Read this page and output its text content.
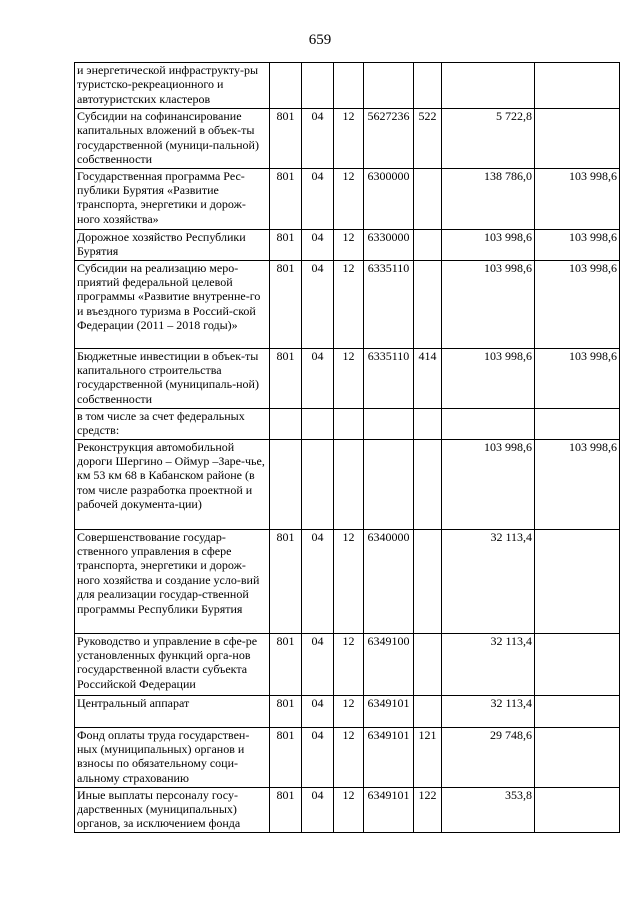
659
и энергетической инфраструкту-ры туристско-рекреационного и автотуристских кластеров							
Субсидии на софинансирование капитальных вложений в объек-ты государственной (муници-пальной) собственности	801	04	12	5627236	522	5 722,8	
Государственная программа Рес-публики Бурятия «Развитие транспорта, энергетики и дорож-ного хозяйства»	801	04	12	6300000		138 786,0	103 998,6
Дорожное хозяйство Республики Бурятия	801	04	12	6330000		103 998,6	103 998,6
Субсидии на реализацию меро-приятий федеральной целевой программы «Развитие внутренне-го и въездного туризма в Россий-ской Федерации (2011 – 2018 годы)»	801	04	12	6335110		103 998,6	103 998,6
Бюджетные инвестиции в объек-ты капитального строительства государственной (муниципаль-ной) собственности	801	04	12	6335110	414	103 998,6	103 998,6
в том числе за счет федеральных средств:							
Реконструкция автомобильной дороги Шергино – Оймур –Заре-чье, км 53 км 68 в Кабанском районе (в том числе разработка проектной и рабочей документа-ции)						103 998,6	103 998,6
Совершенствование государ-ственного управления в сфере транспорта, энергетики и дорож-ного хозяйства и создание усло-вий для реализации государ-ственной программы Республики Бурятия	801	04	12	6340000		32 113,4	
Руководство и управление в сфе-ре установленных функций орга-нов государственной власти субъекта Российской Федерации	801	04	12	6349100		32 113,4	
Центральный аппарат	801	04	12	6349101		32 113,4	
Фонд оплаты труда государствен-ных (муниципальных) органов и взносы по обязательному соци-альному страхованию	801	04	12	6349101	121	29 748,6	
Иные выплаты персоналу госу-дарственных (муниципальных) органов, за исключением фонда	801	04	12	6349101	122	353,8	
